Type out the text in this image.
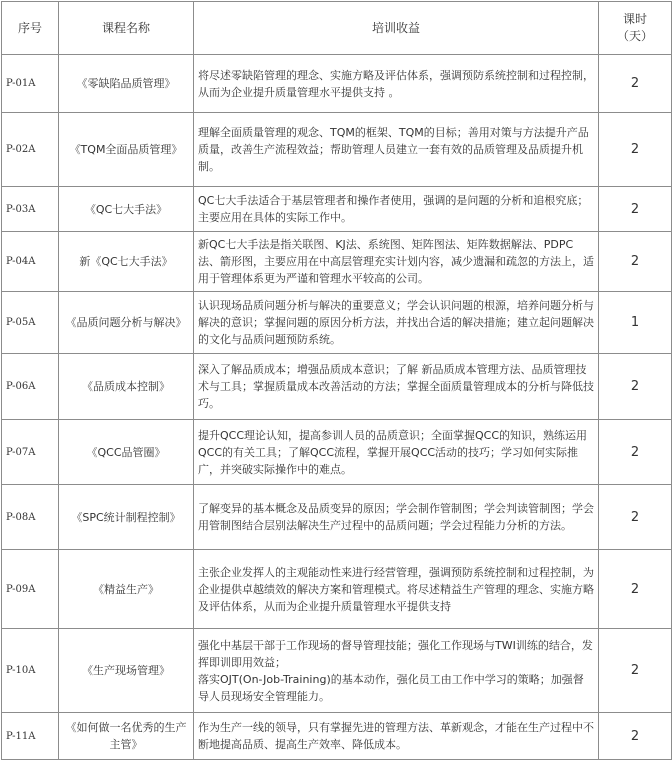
序号	课程名称	培训收益	课时
（天）
P-01A	《零缺陷品质管理》	将尽述零缺陷管理的理念、实施方略及评估体系，强调预防系统控制和过程控制，从而为企业提升质量管理水平提供支持 。	2
P-02A	《TQM全面品质管理》	理解全面质量管理的观念、TQM的框架、TQM的目标；善用对策与方法提升产品质量，改善生产流程效益；帮助管理人员建立一套有效的品质管理及品质提升机制。	2
P-03A	《QC七大手法》	QC七大手法适合于基层管理者和操作者使用，强调的是问题的分析和追根究底；主要应用在具体的实际工作中。	2
P-04A	新《QC七大手法》	新QC七大手法是指关联图、KJ法、系统图、矩阵图法、矩阵数据解法、PDPC法、箭形图，主要应用在中高层管理充实计划内容，减少遗漏和疏忽的方法上，适用于管理体系更为严谨和管理水平较高的公司。	2
P-05A	《品质问题分析与解决》	认识现场品质问题分析与解决的重要意义；学会认识问题的根源，培养问题分析与解决的意识；掌握问题的原因分析方法，并找出合适的解决措施；建立起问题解决的文化与品质问题预防系统。	1
P-06A	《品质成本控制》	深入了解品质成本；增强品质成本意识；了解 新品质成本管理方法、品质管理技术与工具；掌握质量成本改善活动的方法；掌握全面质量管理成本的分析与降低技巧。	2
P-07A	《QCC品管圈》	提升QCC理论认知，提高参训人员的品质意识；全面掌握QCC的知识，熟练运用QCC的有关工具；了解QCC流程，掌握开展QCC活动的技巧；学习如何实际推广，并突破实际操作中的难点。	2
P-08A	《SPC统计制程控制》	了解变异的基本概念及品质变异的原因；学会制作管制图；学会判读管制图；学会用管制图结合层别法解决生产过程中的品质问题；学会过程能力分析的方法。	2
P-09A	《精益生产》	主张企业发挥人的主观能动性来进行经营管理，强调预防系统控制和过程控制，为企业提供卓越绩效的解决方案和管理模式。将尽述精益生产管理的理念、实施方略及评估体系，从而为企业提升质量管理水平提供支持	2
P-10A	《生产现场管理》	强化中基层干部于工作现场的督导管理技能；强化工作现场与TWI训练的结合，发挥即训即用效益；
落实OJT(On-Job-Training)的基本动作，强化员工由工作中学习的策略；加强督导人员现场安全管理能力。	2
P-11A	《如何做一名优秀的生产主管》	作为生产一线的领导，只有掌握先进的管理方法、革新观念，才能在生产过程中不断地提高品质、提高生产效率、降低成本。	2
